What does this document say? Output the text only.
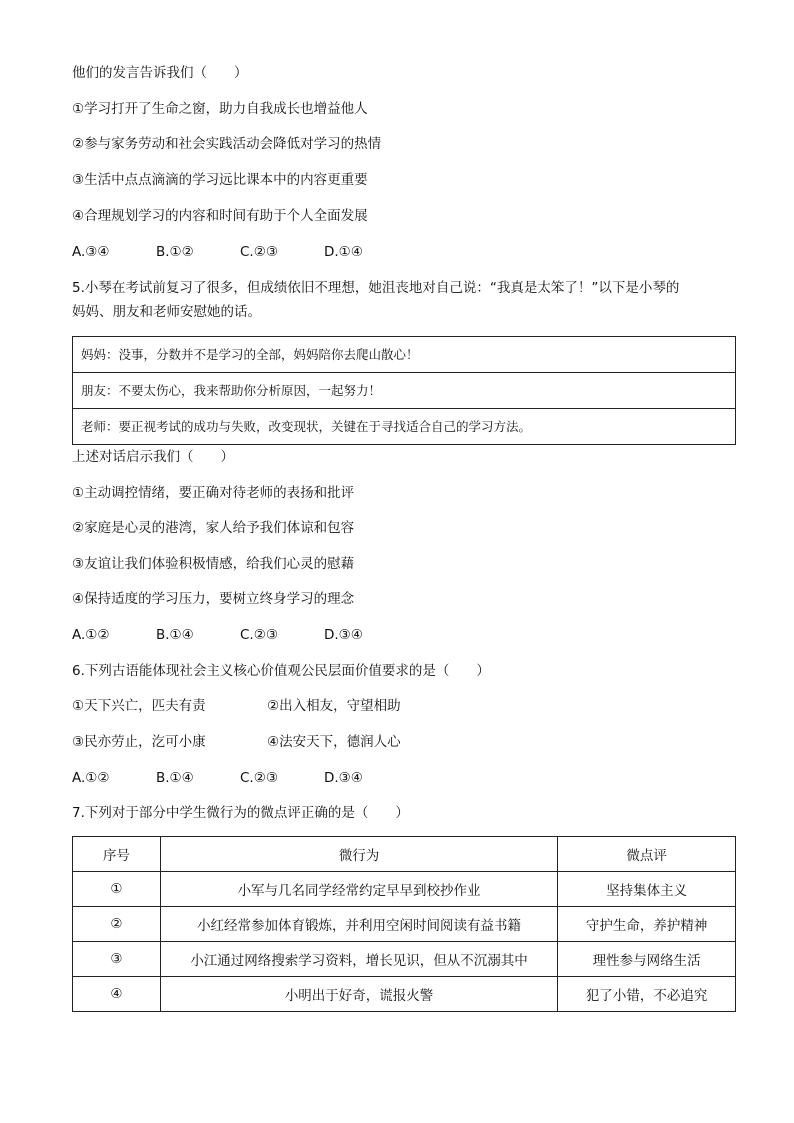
他们的发言告诉我们（　　）
①学习打开了生命之窗，助力自我成长也增益他人
②参与家务劳动和社会实践活动会降低对学习的热情
③生活中点点滴滴的学习远比课本中的内容更重要
④合理规划学习的内容和时间有助于个人全面发展
A.③④	B.①②	C.②③	D.①④
5.小琴在考试前复习了很多，但成绩依旧不理想，她沮丧地对自己说：“我真是太笨了！”以下是小琴的
妈妈、朋友和老师安慰她的话。
妈妈：没事，分数并不是学习的全部，妈妈陪你去爬山散心！
朋友：不要太伤心，我来帮助你分析原因，一起努力！
老师：要正视考试的成功与失败，改变现状，关键在于寻找适合自己的学习方法。
上述对话启示我们（　　）
①主动调控情绪，要正确对待老师的表扬和批评
②家庭是心灵的港湾，家人给予我们体谅和包容
③友谊让我们体验积极情感，给我们心灵的慰藉
④保持适度的学习压力，要树立终身学习的理念
A.①②	B.①④	C.②③	D.③④
6.下列古语能体现社会主义核心价值观公民层面价值要求的是（　　）
①天下兴亡，匹夫有责	②出入相友，守望相助
③民亦劳止，汔可小康	④法安天下，德润人心
A.①②	B.①④	C.②③	D.③④
7.下列对于部分中学生微行为的微点评正确的是（　　）
序号	微行为	微点评
①	小军与几名同学经常约定早早到校抄作业	坚持集体主义
②	小红经常参加体育锻炼，并利用空闲时间阅读有益书籍	守护生命，养护精神
③	小江通过网络搜索学习资料，增长见识，但从不沉溺其中	理性参与网络生活
④	小明出于好奇，谎报火警	犯了小错，不必追究
